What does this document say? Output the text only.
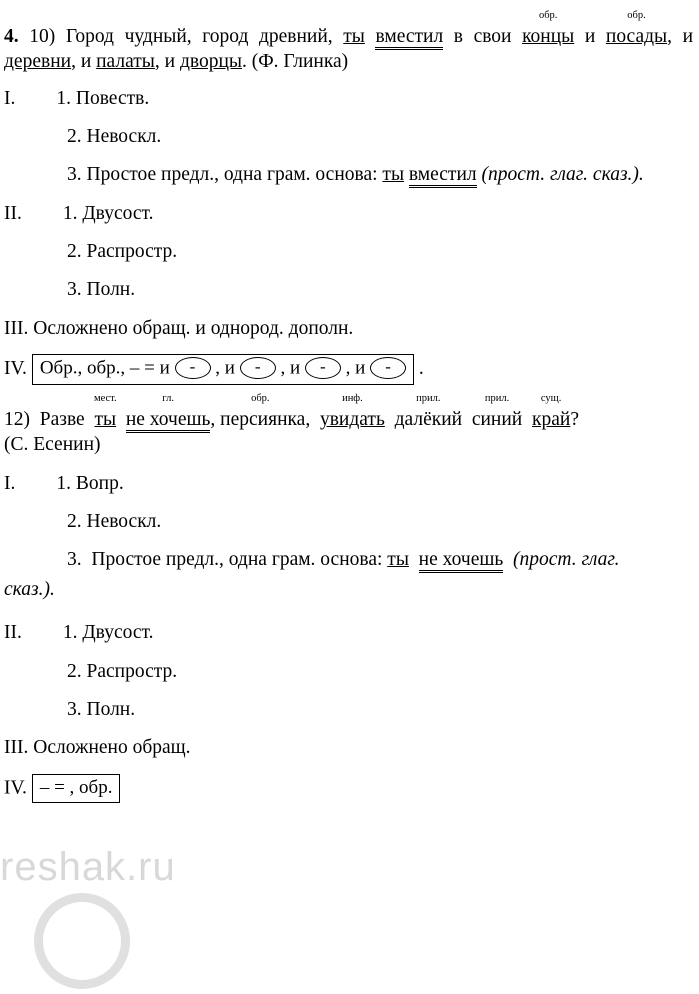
reshak.ru

4. 10) Город чудный, город древний, ты вместил в свои
обр.
концы и
обр.
посады, и деревни, и палаты, и дворцы. (Ф. Глинка)

I. 1. Повеств.

2. Невоскл.

3. Простое предл., одна грам. основа: ты вместил (прост. глаг. сказ.).

II. 1. Двусост.

2. Распростр.

3. Полн.

III. Осложнено обращ. и однород. дополн.

IV. Обр., обр., – = и - , и - , и - , и - .

12) Разве
мест.
ты
гл.
не хочешь
обр.
, персиянка,
инф.
увидать
прил.
далёкий
прил.
синий
сущ.
край?

(С. Есенин)

I. 1. Вопр.

2. Невоскл.

3. Простое предл., одна грам. основа: ты не хочешь (прост. глаг.

сказ.).

II. 1. Двусост.

2. Распростр.

3. Полн.

III. Осложнено обращ.

IV. – = , обр.
